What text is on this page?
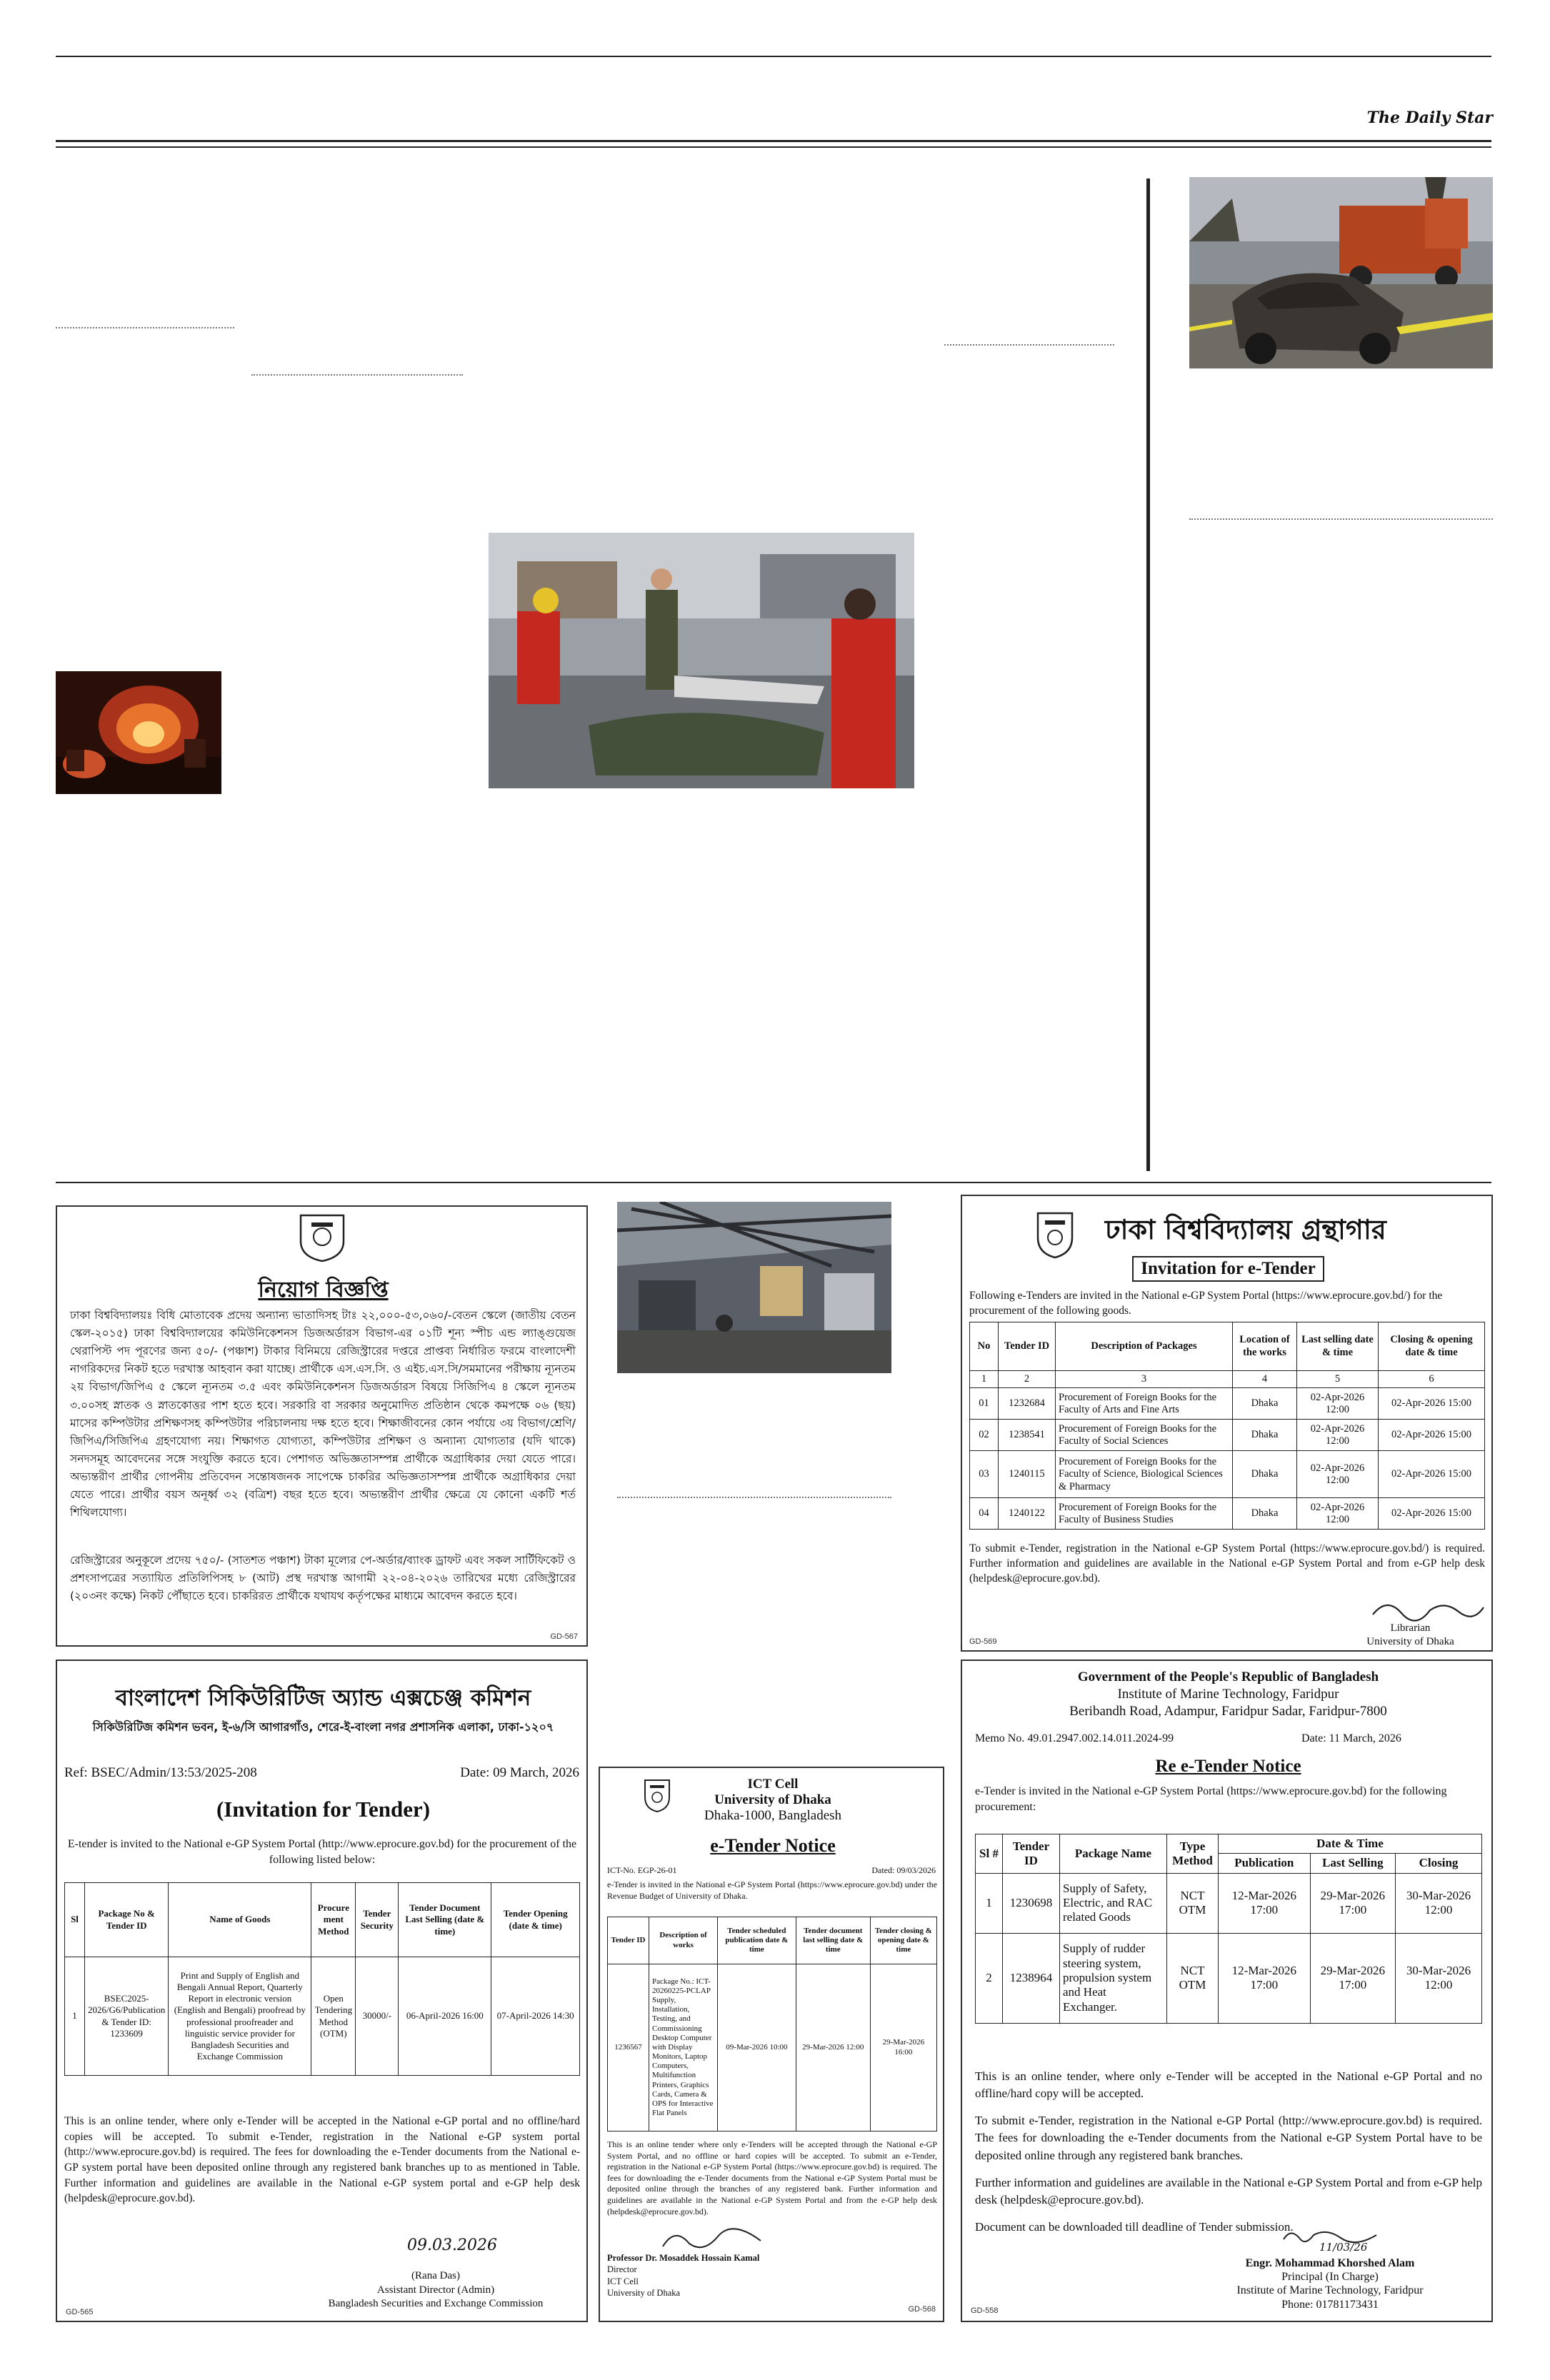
The Daily Star
নিয়োগ বিজ্ঞপ্তি
ঢাকা বিশ্ববিদ্যালয়ঃ বিধি মোতাবেক প্রদেয় অন্যান্য ভাতাদিসহ টাঃ ২২,০০০-৫৩,০৬০/-বেতন স্কেলে (জাতীয় বেতন স্কেল-২০১৫) ঢাকা বিশ্ববিদ্যালয়ের কমিউনিকেশনস ডিজঅর্ডারস বিভাগ-এর ০১টি শূন্য স্পীচ এন্ড ল্যাঙ্গুয়েজ থেরাপিস্ট পদ পূরণের জন্য ৫০/- (পঞ্চাশ) টাকার বিনিময়ে রেজিস্ট্রারের দপ্তরে প্রাপ্তব্য নির্ধারিত ফরমে বাংলাদেশী নাগরিকদের নিকট হতে দরখাস্ত আহবান করা যাচ্ছে। প্রার্থীকে এস.এস.সি. ও এইচ.এস.সি/সমমানের পরীক্ষায় ন্যূনতম ২য় বিভাগ/জিপিএ ৫ স্কেলে ন্যূনতম ৩.৫ এবং কমিউনিকেশনস ডিজঅর্ডারস বিষয়ে সিজিপিএ ৪ স্কেলে ন্যূনতম ৩.০০সহ স্নাতক ও স্নাতকোত্তর পাশ হতে হবে। সরকারি বা সরকার অনুমোদিত প্রতিষ্ঠান থেকে কমপক্ষে ০৬ (ছয়) মাসের কম্পিউটার প্রশিক্ষণসহ কম্পিউটার পরিচালনায় দক্ষ হতে হবে। শিক্ষাজীবনের কোন পর্যায়ে ৩য় বিভাগ/শ্রেণি/জিপিএ/সিজিপিএ গ্রহণযোগ্য নয়। শিক্ষাগত যোগ্যতা, কম্পিউটার প্রশিক্ষণ ও অন্যান্য যোগ্যতার (যদি থাকে) সনদসমূহ আবেদনের সঙ্গে সংযুক্তি করতে হবে। পেশাগত অভিজ্ঞতাসম্পন্ন প্রার্থীকে অগ্রাধিকার দেয়া যেতে পারে। অভ্যন্তরীণ প্রার্থীর গোপনীয় প্রতিবেদন সন্তোষজনক সাপেক্ষে চাকরির অভিজ্ঞতাসম্পন্ন প্রার্থীকে অগ্রাধিকার দেয়া যেতে পারে। প্রার্থীর বয়স অনূর্ধ্ব ৩২ (বত্রিশ) বছর হতে হবে। অভ্যন্তরীণ প্রার্থীর ক্ষেত্রে যে কোনো একটি শর্ত শিথিলযোগ্য।
রেজিস্ট্রারের অনুকূলে প্রদেয় ৭৫০/- (সাতশত পঞ্চাশ) টাকা মূল্যের পে-অর্ডার/ব্যাংক ড্রাফট এবং সকল সার্টিফিকেট ও প্রশংসাপত্রের সত্যায়িত প্রতিলিপিসহ ৮ (আট) প্রস্থ দরখাস্ত আগামী ২২-০৪-২০২৬ তারিখের মধ্যে রেজিস্ট্রারের (২০৩নং কক্ষে) নিকট পৌঁছাতে হবে। চাকরিরত প্রার্থীকে যথাযথ কর্তৃপক্ষের মাধ্যমে আবেদন করতে হবে।
GD-567
বাংলাদেশ সিকিউরিটিজ অ্যান্ড এক্সচেঞ্জ কমিশন
সিকিউরিটিজ কমিশন ভবন, ই-৬/সি আগারগাঁও, শেরে-ই-বাংলা নগর প্রশাসনিক এলাকা, ঢাকা-১২০৭
Ref: BSEC/Admin/13:53/2025-208	Date: 09 March, 2026
(Invitation for Tender)
E-tender is invited to the National e-GP System Portal (http://www.eprocure.gov.bd) for the procurement of the following listed below:
Sl	Package No & Tender ID	Name of Goods	Procure ment Method	Tender Security	Tender Document Last Selling (date & time)	Tender Opening (date & time)
1	BSEC2025-2026/G6/Publication & Tender ID: 1233609	Print and Supply of English and Bengali Annual Report, Quarterly Report in electronic version (English and Bengali) proofread by professional proofreader and linguistic service provider for Bangladesh Securities and Exchange Commission	Open Tendering Method (OTM)	30000/-	06-April-2026 16:00	07-April-2026 14:30
This is an online tender, where only e-Tender will be accepted in the National e-GP portal and no offline/hard copies will be accepted. To submit e-Tender, registration in the National e-GP system portal (http://www.eprocure.gov.bd) is required. The fees for downloading the e-Tender documents from the National e-GP system portal have been deposited online through any registered bank branches up to as mentioned in Table. Further information and guidelines are available in the National e-GP system portal and e-GP help desk (helpdesk@eprocure.gov.bd).
09.03.2026
(Rana Das)
Assistant Director (Admin)
Bangladesh Securities and Exchange Commission
GD-565
ঢাকা বিশ্ববিদ্যালয় গ্রন্থাগার
Invitation for e-Tender
Following e-Tenders are invited in the National e-GP System Portal (https://www.eprocure.gov.bd/) for the procurement of the following goods.
No	Tender ID	Description of Packages	Location of the works	Last selling date & time	Closing & opening date & time
1	2	3	4	5	6
01	1232684	Procurement of Foreign Books for the Faculty of Arts and Fine Arts	Dhaka	02-Apr-2026 12:00	02-Apr-2026 15:00
02	1238541	Procurement of Foreign Books for the Faculty of Social Sciences	Dhaka	02-Apr-2026 12:00	02-Apr-2026 15:00
03	1240115	Procurement of Foreign Books for the Faculty of Science, Biological Sciences & Pharmacy	Dhaka	02-Apr-2026 12:00	02-Apr-2026 15:00
04	1240122	Procurement of Foreign Books for the Faculty of Business Studies	Dhaka	02-Apr-2026 12:00	02-Apr-2026 15:00
To submit e-Tender, registration in the National e-GP System Portal (https://www.eprocure.gov.bd/) is required. Further information and guidelines are available in the National e-GP System Portal and from e-GP help desk (helpdesk@eprocure.gov.bd).
Librarian
University of Dhaka
GD-569
ICT Cell
University of Dhaka
Dhaka-1000, Bangladesh
e-Tender Notice
ICT-No. EGP-26-01	Dated: 09/03/2026
e-Tender is invited in the National e-GP System Portal (https://www.eprocure.gov.bd) under the Revenue Budget of University of Dhaka.
Tender ID	Description of works	Tender scheduled publication date & time	Tender document last selling date & time	Tender closing & opening date & time
1236567	Package No.: ICT-20260225-PCLAP Supply, Installation, Testing, and Commissioning Desktop Computer with Display Monitors, Laptop Computers, Multifunction Printers, Graphics Cards, Camera & OPS for Interactive Flat Panels	09-Mar-2026 10:00	29-Mar-2026 12:00	29-Mar-2026 16:00
This is an online tender where only e-Tenders will be accepted through the National e-GP System Portal, and no offline or hard copies will be accepted. To submit an e-Tender, registration in the National e-GP System Portal (https://www.eprocure.gov.bd) is required. The fees for downloading the e-Tender documents from the National e-GP System Portal must be deposited online through the branches of any registered bank. Further information and guidelines are available in the National e-GP System Portal and from the e-GP help desk (helpdesk@eprocure.gov.bd).
Professor Dr. Mosaddek Hossain Kamal
Director
ICT Cell
University of Dhaka
GD-568
Government of the People's Republic of Bangladesh
Institute of Marine Technology, Faridpur
Beribandh Road, Adampur, Faridpur Sadar, Faridpur-7800
Memo No. 49.01.2947.002.14.011.2024-99	Date: 11 March, 2026
Re e-Tender Notice
e-Tender is invited in the National e-GP System Portal (https://www.eprocure.gov.bd) for the following procurement:
Sl #	Tender ID	Package Name	Type Method	Date & Time		
				Publication	Last Selling	Closing
1	1230698	Supply of Safety, Electric, and RAC related Goods	NCT OTM	12-Mar-2026 17:00	29-Mar-2026 17:00	30-Mar-2026 12:00
2	1238964	Supply of rudder steering system, propulsion system and Heat Exchanger.	NCT OTM	12-Mar-2026 17:00	29-Mar-2026 17:00	30-Mar-2026 12:00

This is an online tender, where only e-Tender will be accepted in the National e-GP Portal and no offline/hard copy will be accepted.

To submit e-Tender, registration in the National e-GP Portal (http://www.eprocure.gov.bd) is required. The fees for downloading the e-Tender documents from the National e-GP System Portal have to be deposited online through any registered bank branches.

Further information and guidelines are available in the National e-GP System Portal and from e-GP help desk (helpdesk@eprocure.gov.bd).

Document can be downloaded till deadline of Tender submission.

11/03/26
Engr. Mohammad Khorshed Alam
Principal (In Charge)
Institute of Marine Technology, Faridpur
Phone: 01781173431
GD-558
